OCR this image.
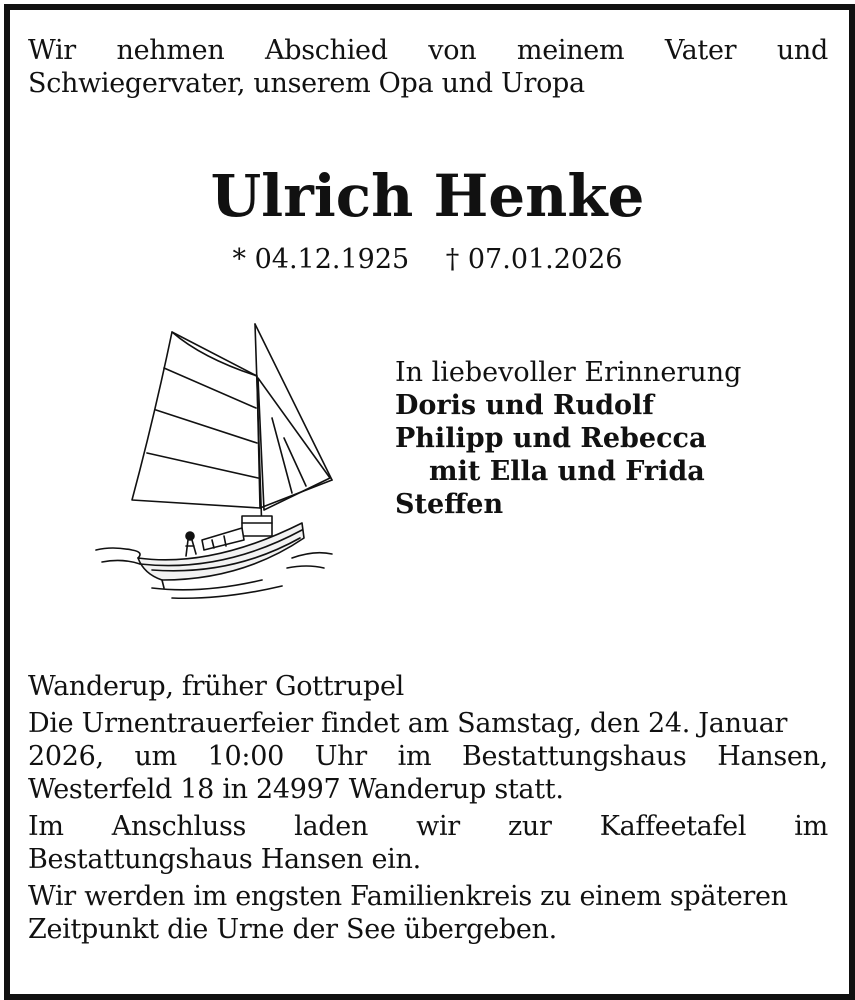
Wir nehmen Abschied von meinem Vater und
Schwiegervater, unserem Opa und Uropa
Ulrich Henke
* 04.12.1925 † 07.01.2026
In liebevoller Erinnerung
Doris und Rudolf
Philipp und Rebecca
mit Ella und Frida
Steffen

Wanderup, früher Gottrupel

Die Urnentrauerfeier findet am Samstag, den 24. Januar
2026, um 10:00 Uhr im Bestattungshaus Hansen,
Westerfeld 18 in 24997 Wanderup statt.

Im Anschluss laden wir zur Kaffeetafel im
Bestattungshaus Hansen ein.

Wir werden im engsten Familienkreis zu einem späteren
Zeitpunkt die Urne der See übergeben.
